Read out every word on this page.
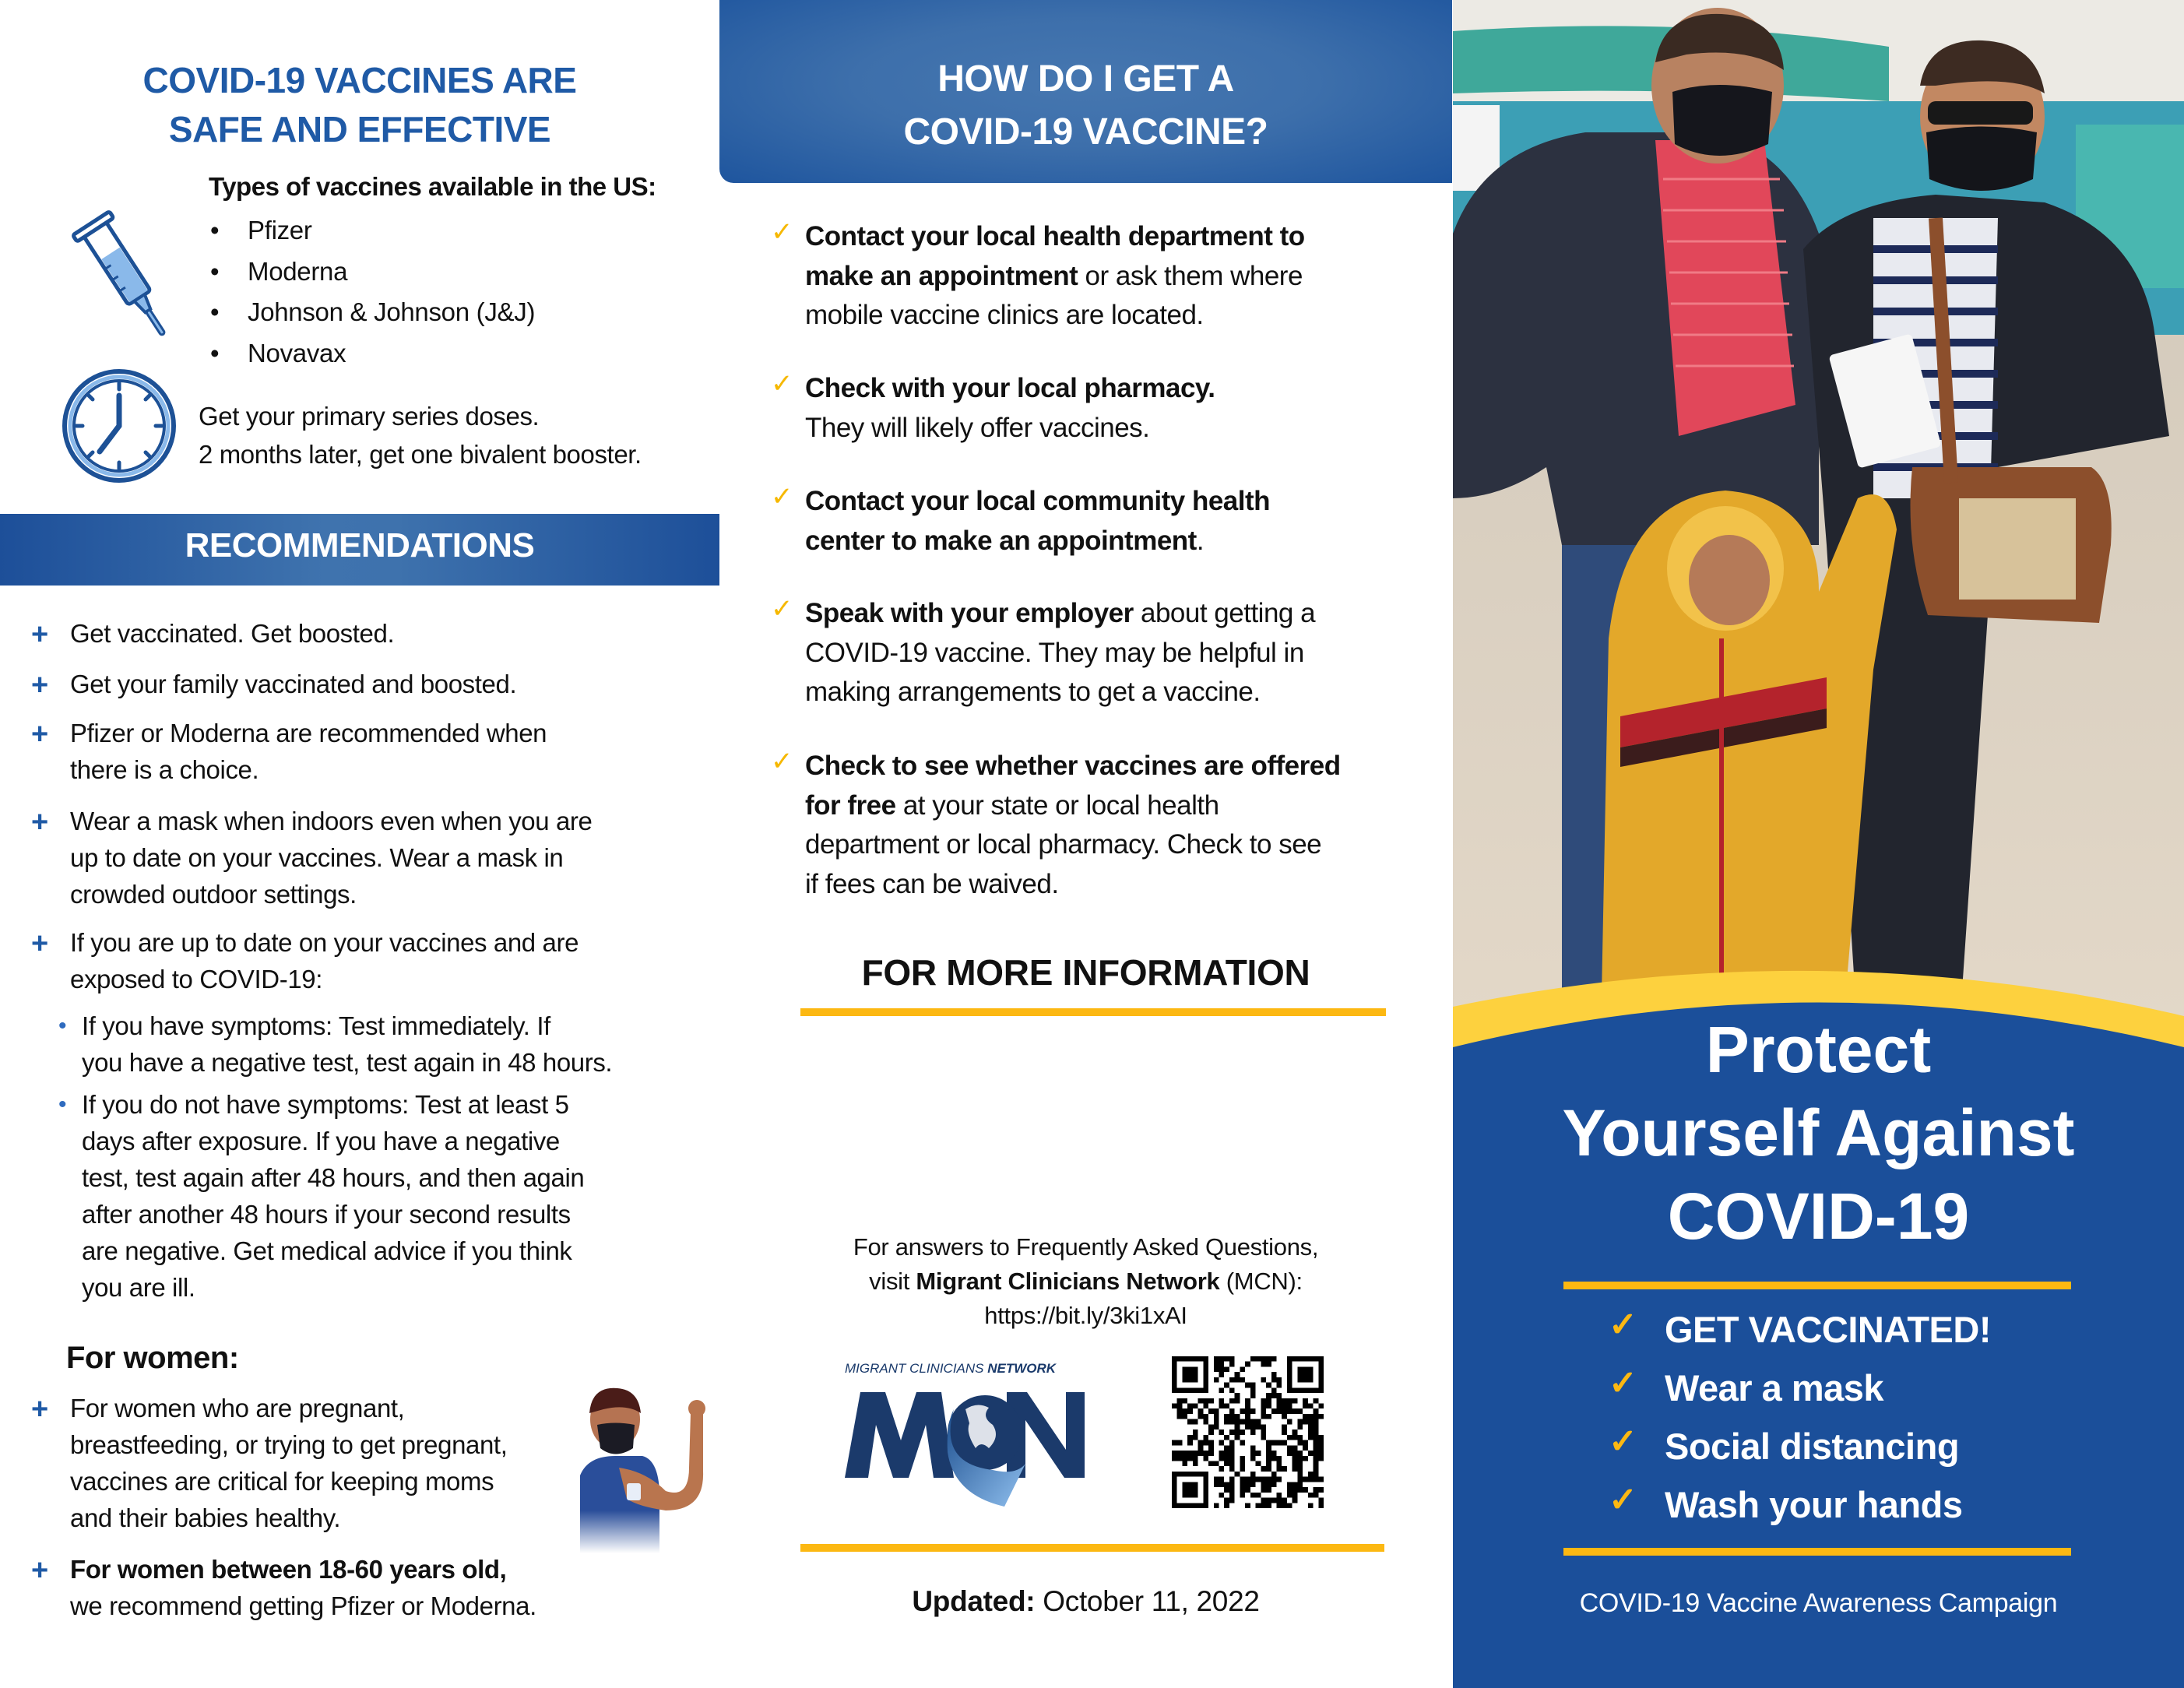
COVID-19 VACCINES ARE
SAFE AND EFFECTIVE
Types of vaccines available in the US:
• Pfizer
• Moderna
• Johnson & Johnson (J&J)
• Novavax
Get your primary series doses.
2 months later, get one bivalent booster.
RECOMMENDATIONS
+ Get vaccinated. Get boosted.
+ Get your family vaccinated and boosted.
+ Pfizer or Moderna are recommended when
there is a choice.
+ Wear a mask when indoors even when you are
up to date on your vaccines. Wear a mask in
crowded outdoor settings.
+ If you are up to date on your vaccines and are
exposed to COVID-19:
• If you have symptoms: Test immediately. If
you have a negative test, test again in 48 hours.
• If you do not have symptoms: Test at least 5
days after exposure. If you have a negative
test, test again after 48 hours, and then again
after another 48 hours if your second results
are negative. Get medical advice if you think
you are ill.
For women:
+ For women who are pregnant,
breastfeeding, or trying to get pregnant,
vaccines are critical for keeping moms
and their babies healthy.
+ For women between 18-60 years old,
we recommend getting Pfizer or Moderna.
HOW DO I GET A
COVID-19 VACCINE?
✓ Contact your local health department to
make an appointment or ask them where
mobile vaccine clinics are located.
✓ Check with your local pharmacy.
They will likely offer vaccines.
✓ Contact your local community health
center to make an appointment.
✓ Speak with your employer about getting a
COVID-19 vaccine. They may be helpful in
making arrangements to get a vaccine.
✓ Check to see whether vaccines are offered
for free at your state or local health
department or local pharmacy. Check to see
if fees can be waived.
FOR MORE INFORMATION
For answers to Frequently Asked Questions,
visit Migrant Clinicians Network (MCN):
https://bit.ly/3ki1xAI
MIGRANT CLINICIANS NETWORK
Updated: October 11, 2022
Protect
Yourself Against
COVID-19
✓ GET VACCINATED!
✓ Wear a mask
✓ Social distancing
✓ Wash your hands
COVID-19 Vaccine Awareness Campaign
